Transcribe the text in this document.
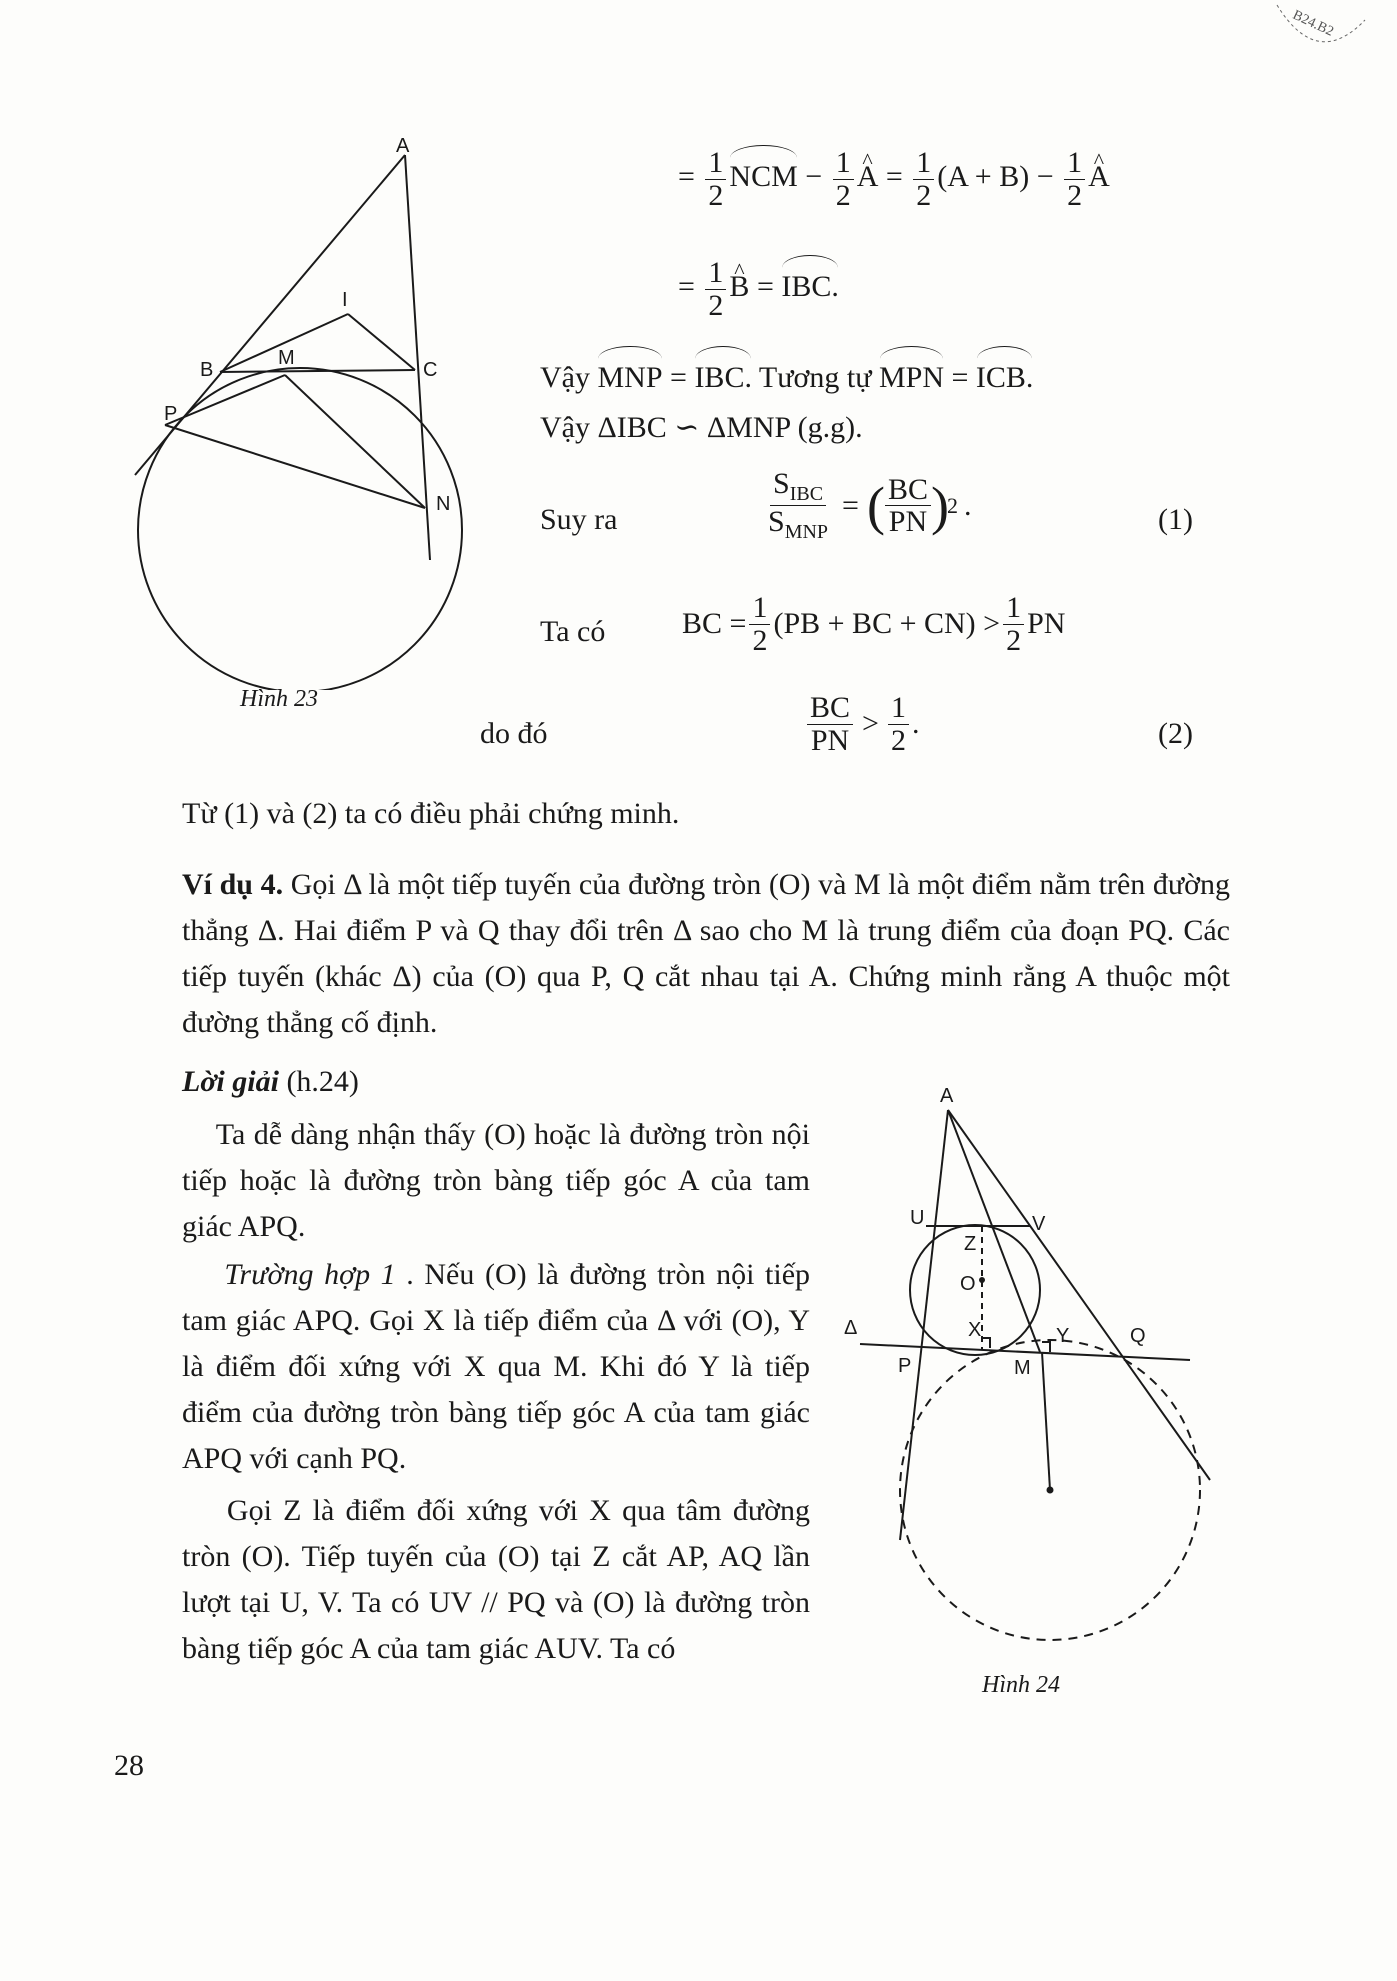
B24.B2
A
I
B
M
C
P
N
Hình 23
= $\frac{1}{2}$ NCM − $\frac{1}{2}$ ^ $A = \frac{1}{2} (A + B) - \frac{1}{2}$ ^ A
= $\frac{1}{2}$ ^ B = IBC.
Vậy MNP = IBC. Tương tự MPN = ICB.
Vậy ΔIBC ∽ ΔMNP (g.g).
Suy ra	$\frac{S_{IBC}}{S_{MNP}}$ = ( $\frac{BC}{PN}$ )
2 .	(1)
Ta có	BC = $\frac{1}{2} (PB$ + BC + $CN) > \frac{1}{2}$ PN
do đó	$\frac{BC}{PN} > \frac{1}{2}$ .	(2)
Từ (1) và (2) ta có điều phải chứng minh.

Ví dụ 4. Gọi Δ là một tiếp tuyến của đường tròn (O) và M là một điểm nằm trên đường thẳng Δ. Hai điểm P và Q thay đổi trên Δ sao cho M là trung điểm của đoạn PQ. Các tiếp tuyến (khác Δ) của (O) qua P, Q cắt nhau tại A. Chứng minh rằng A thuộc một đường thẳng cố định.

Lời giải (h.24)

Ta dễ dàng nhận thấy (O) hoặc là đường tròn nội tiếp hoặc là đường tròn bàng tiếp góc A của tam giác APQ.

Trường hợp 1 . Nếu (O) là đường tròn nội tiếp tam giác APQ. Gọi X là tiếp điểm của Δ với (O), Y là điểm đối xứng với X qua M. Khi đó Y là tiếp điểm của đường tròn bàng tiếp góc A của tam giác APQ với cạnh PQ.

Gọi Z là điểm đối xứng với X qua tâm đường tròn (O). Tiếp tuyến của (O) tại Z cắt AP, AQ lần lượt tại U, V. Ta có UV // PQ và (O) là đường tròn bàng tiếp góc A của tam giác AUV. Ta có

A
U
Z
V
O
Δ	X	Y	Q
P	M
Hình 24
28
